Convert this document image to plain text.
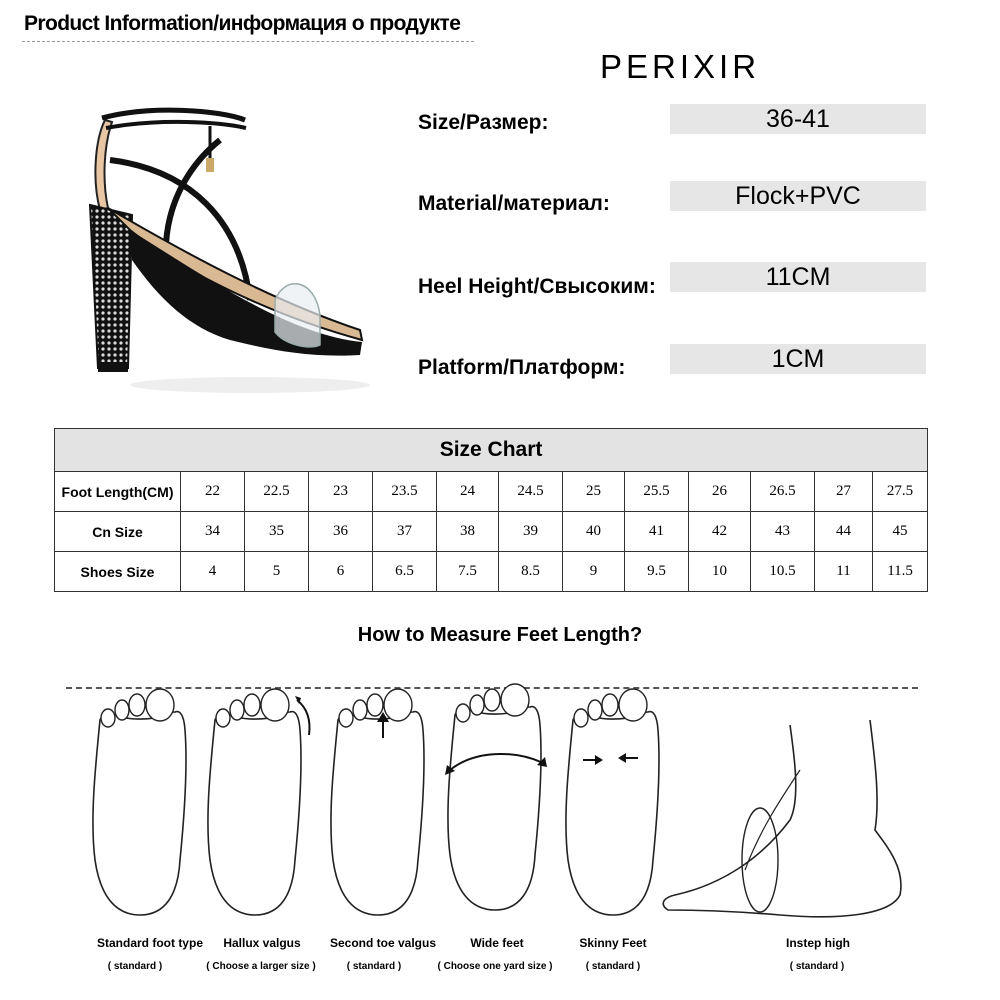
Product Information/информация о продукте
PERIXIR
Size/Размер:	36-41
Material/материал:	Flock+PVC
Heel Height/Свысоким:	11CM
Platform/Платформ:	1CM
Size Chart												
Foot Length(CM)	22	22.5	23	23.5	24	24.5	25	25.5	26	26.5	27	27.5
Cn Size	34	35	36	37	38	39	40	41	42	43	44	45
Shoes Size	4	5	6	6.5	7.5	8.5	9	9.5	10	10.5	11	11.5
How to Measure Feet Length?
Standard foot type
( standard )
Hallux valgus
( Choose a larger size )
Second toe valgus
( standard )
Wide feet
( Choose one yard size )
Skinny Feet
( standard )
Instep high
( standard )
